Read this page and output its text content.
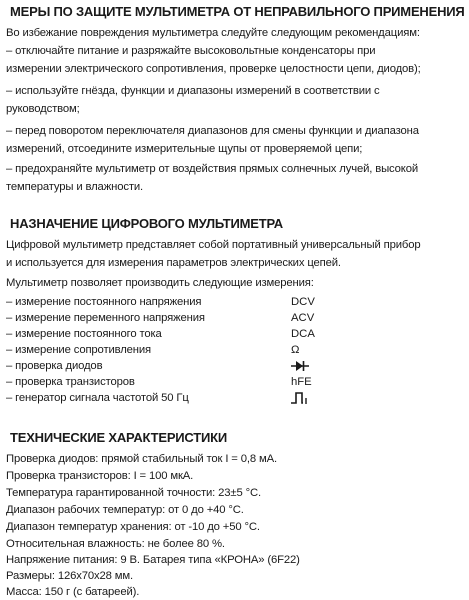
МЕРЫ ПО ЗАЩИТЕ МУЛЬТИМЕТРА ОТ НЕПРАВИЛЬНОГО ПРИМЕНЕНИЯ
Во избежание повреждения мультиметра следуйте следующим рекомендациям:
– отключайте питание и разряжайте высоковольтные конденсаторы при
измерении электрического сопротивления, проверке целостности цепи, диодов);
– используйте гнёзда, функции и диапазоны измерений в соответствии с
руководством;
– перед поворотом переключателя диапазонов для смены функции и диапазона
измерений, отсоедините измерительные щупы от проверяемой цепи;
– предохраняйте мультиметр от воздействия прямых солнечных лучей, высокой
температуры и влажности.
НАЗНАЧЕНИЕ ЦИФРОВОГО МУЛЬТИМЕТРА
Цифровой мультиметр представляет собой портативный универсальный прибор
и используется для измерения параметров электрических цепей.
Мультиметр позволяет производить следующие измерения:
– измерение постоянного напряжения	DCV
– измерение переменного напряжения	ACV
– измерение постоянного тока	DCA
– измерение сопротивления	Ω
– проверка диодов
– проверка транзисторов	hFE
– генератор сигнала частотой 50 Гц
ТЕХНИЧЕСКИЕ ХАРАКТЕРИСТИКИ
Проверка диодов: прямой стабильный ток I = 0,8 мА.
Проверка транзисторов: I = 100 мкА.
Температура гарантированной точности: 23±5 °С.
Диапазон рабочих температур: от 0 до +40 °С.
Диапазон температур хранения: от -10 до +50 °С.
Относительная влажность: не более 80 %.
Напряжение питания: 9 В. Батарея типа «КРОНА» (6F22)
Размеры: 126х70х28 мм.
Масса: 150 г (с батареей).
